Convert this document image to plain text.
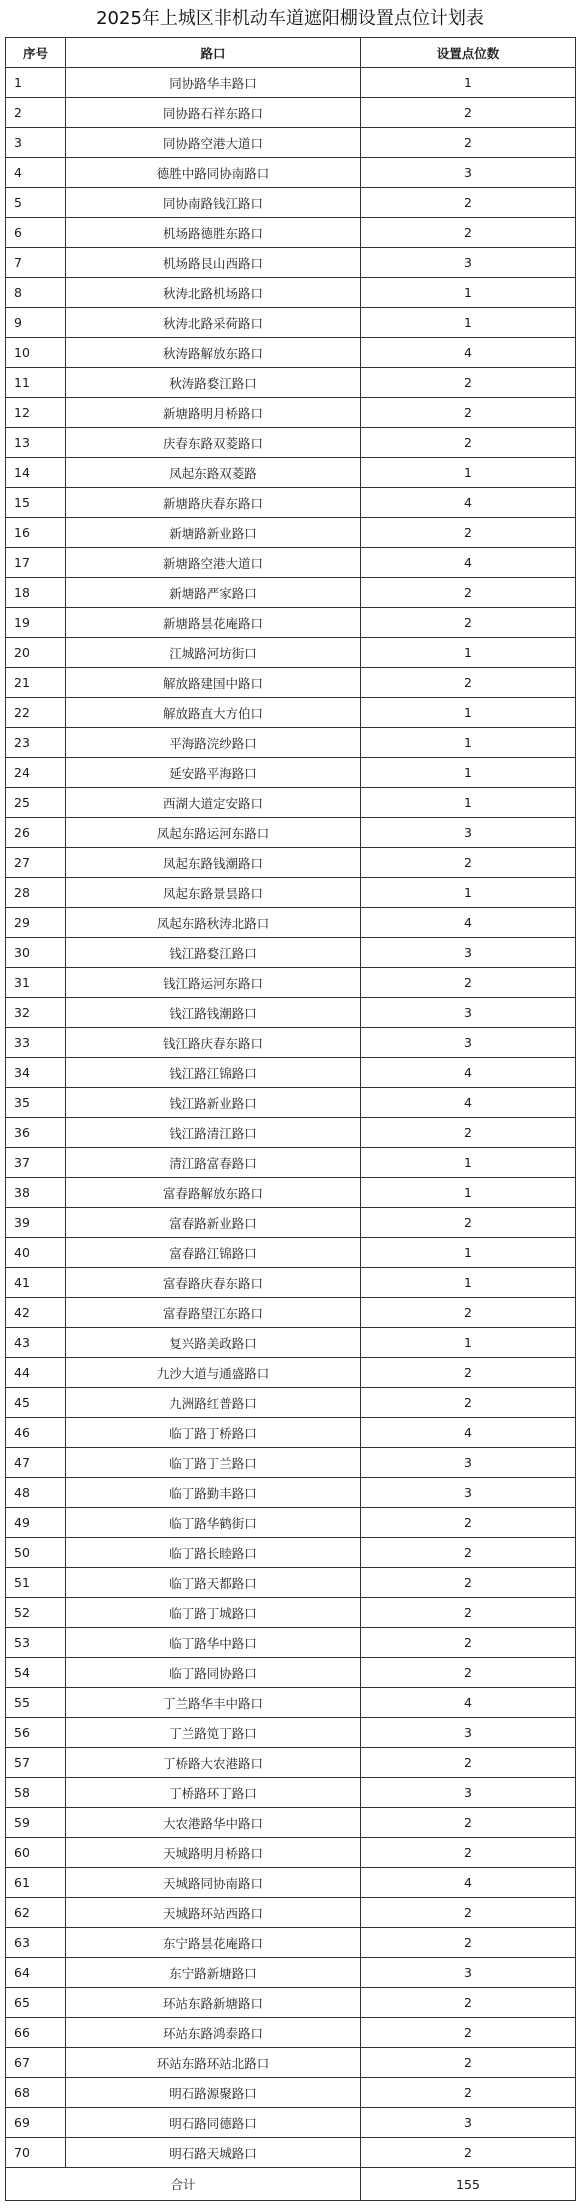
2025年上城区非机动车道遮阳棚设置点位计划表
序号	路口	设置点位数
1	同协路华丰路口	1
2	同协路石祥东路口	2
3	同协路空港大道口	2
4	德胜中路同协南路口	3
5	同协南路钱江路口	2
6	机场路德胜东路口	2
7	机场路艮山西路口	3
8	秋涛北路机场路口	1
9	秋涛北路采荷路口	1
10	秋涛路解放东路口	4
11	秋涛路婺江路口	2
12	新塘路明月桥路口	2
13	庆春东路双菱路口	2
14	凤起东路双菱路	1
15	新塘路庆春东路口	4
16	新塘路新业路口	2
17	新塘路空港大道口	4
18	新塘路严家路口	2
19	新塘路昙花庵路口	2
20	江城路河坊街口	1
21	解放路建国中路口	2
22	解放路直大方伯口	1
23	平海路浣纱路口	1
24	延安路平海路口	1
25	西湖大道定安路口	1
26	凤起东路运河东路口	3
27	凤起东路钱潮路口	2
28	凤起东路景昙路口	1
29	凤起东路秋涛北路口	4
30	钱江路婺江路口	3
31	钱江路运河东路口	2
32	钱江路钱潮路口	3
33	钱江路庆春东路口	3
34	钱江路江锦路口	4
35	钱江路新业路口	4
36	钱江路清江路口	2
37	清江路富春路口	1
38	富春路解放东路口	1
39	富春路新业路口	2
40	富春路江锦路口	1
41	富春路庆春东路口	1
42	富春路望江东路口	2
43	复兴路美政路口	1
44	九沙大道与通盛路口	2
45	九洲路红普路口	2
46	临丁路丁桥路口	4
47	临丁路丁兰路口	3
48	临丁路勤丰路口	3
49	临丁路华鹤街口	2
50	临丁路长睦路口	2
51	临丁路天都路口	2
52	临丁路丁城路口	2
53	临丁路华中路口	2
54	临丁路同协路口	2
55	丁兰路华丰中路口	4
56	丁兰路笕丁路口	3
57	丁桥路大农港路口	2
58	丁桥路环丁路口	3
59	大农港路华中路口	2
60	天城路明月桥路口	2
61	天城路同协南路口	4
62	天城路环站西路口	2
63	东宁路昙花庵路口	2
64	东宁路新塘路口	3
65	环站东路新塘路口	2
66	环站东路鸿泰路口	2
67	环站东路环站北路口	2
68	明石路源聚路口	2
69	明石路同德路口	3
70	明石路天城路口	2
合计		155
